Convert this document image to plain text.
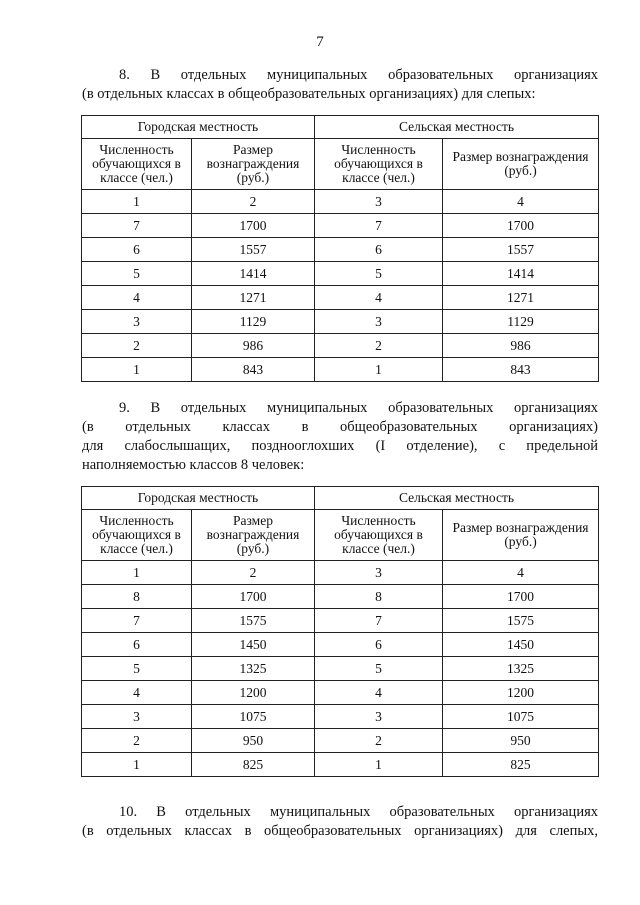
7
8. В отдельных муниципальных образовательных организациях
(в отдельных классах в общеобразовательных организациях) для слепых:
Городская местность		Сельская местность	
Численность обучающихся в классе (чел.)	Размер вознаграждения (руб.)	Численность обучающихся в классе (чел.)	Размер вознаграждения (руб.)
1	2	3	4
7	1700	7	1700
6	1557	6	1557
5	1414	5	1414
4	1271	4	1271
3	1129	3	1129
2	986	2	986
1	843	1	843
9. В отдельных муниципальных образовательных организациях
(в отдельных классах в общеобразовательных организациях)
для слабослышащих, позднооглохших (I отделение), с предельной
наполняемостью классов 8 человек:
Городская местность		Сельская местность	
Численность обучающихся в классе (чел.)	Размер вознаграждения (руб.)	Численность обучающихся в классе (чел.)	Размер вознаграждения (руб.)
1	2	3	4
8	1700	8	1700
7	1575	7	1575
6	1450	6	1450
5	1325	5	1325
4	1200	4	1200
3	1075	3	1075
2	950	2	950
1	825	1	825
10. В отдельных муниципальных образовательных организациях
(в отдельных классах в общеобразовательных организациях) для слепых,
